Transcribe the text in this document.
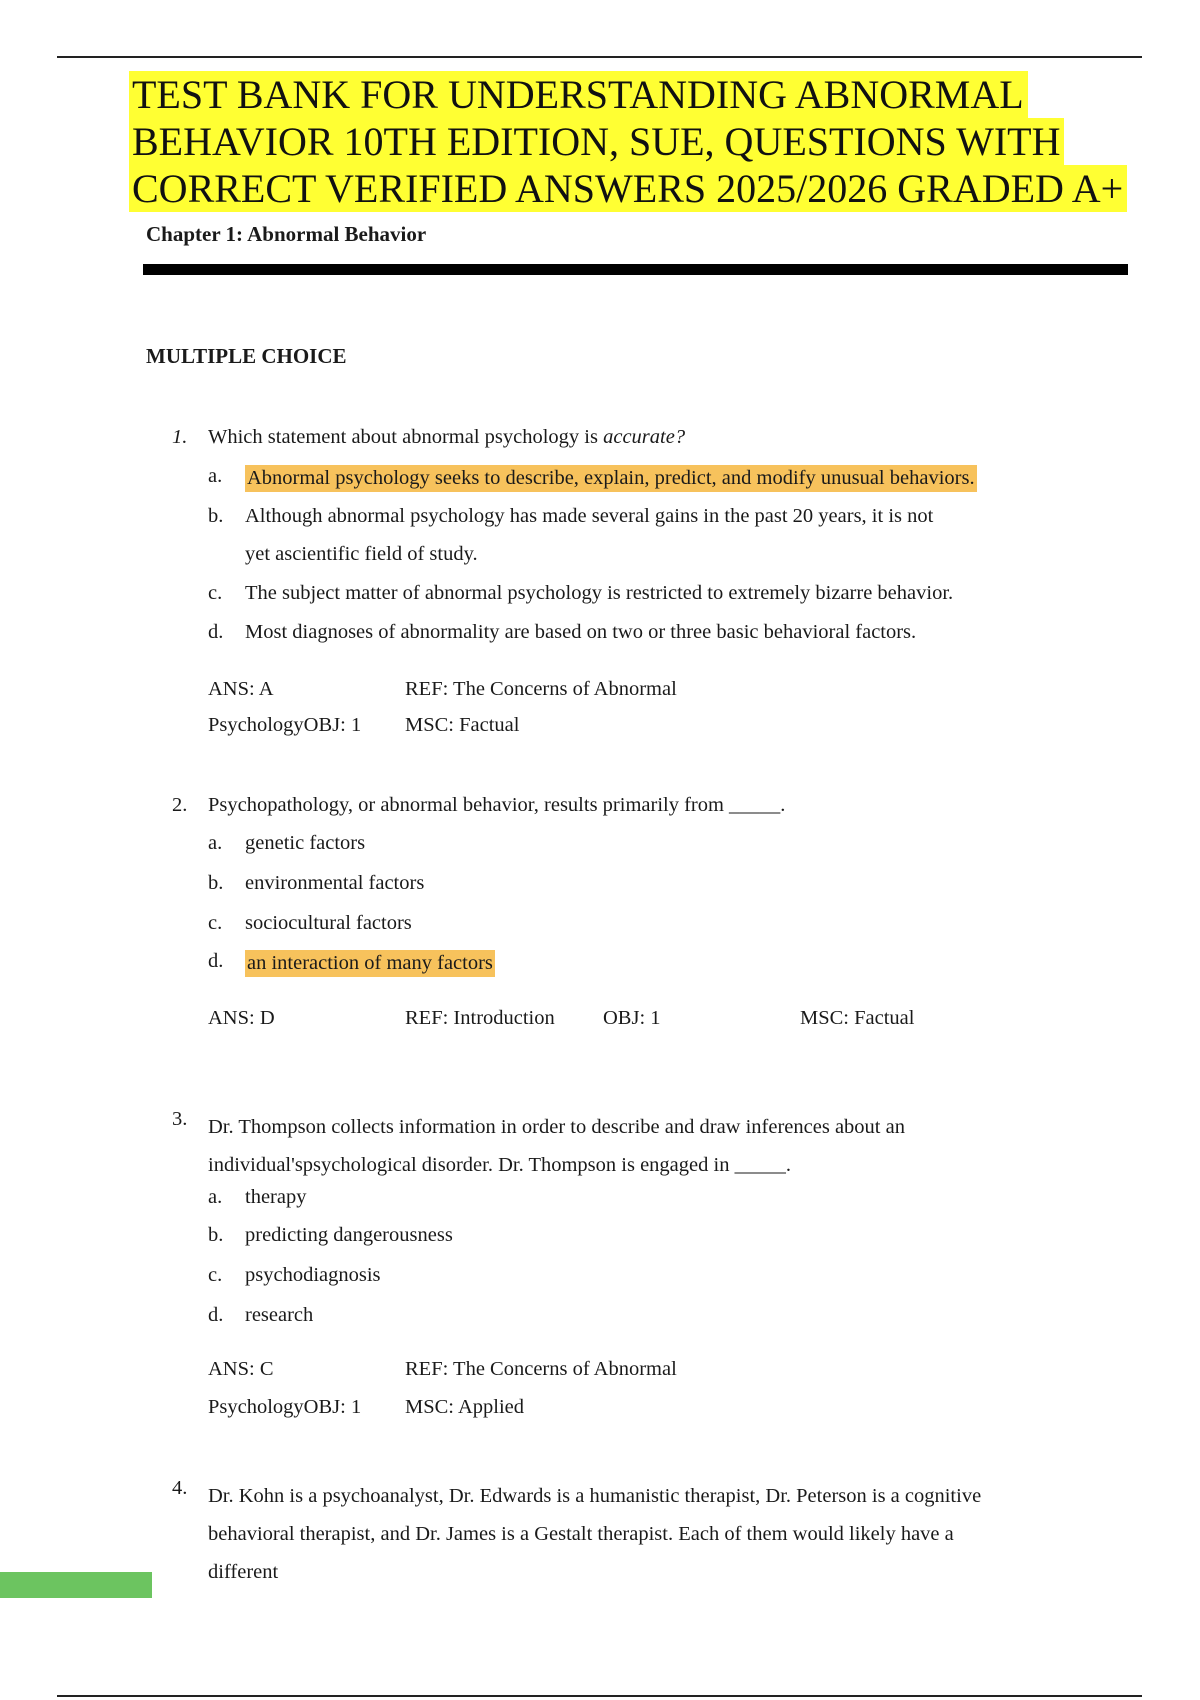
TEST BANK FOR UNDERSTANDING ABNORMAL
BEHAVIOR 10TH EDITION, SUE, QUESTIONS WITH
CORRECT VERIFIED ANSWERS 2025/2026 GRADED A+
Chapter 1: Abnormal Behavior
MULTIPLE CHOICE
1. Which statement about abnormal psychology is accurate?
a. Abnormal psychology seeks to describe, explain, predict, and modify unusual behaviors.
b. Although abnormal psychology has made several gains in the past 20 years, it is not
yet ascientific field of study.
c. The subject matter of abnormal psychology is restricted to extremely bizarre behavior.
d. Most diagnoses of abnormality are based on two or three basic behavioral factors.
ANS: A	REF: The Concerns of Abnormal
PsychologyOBJ: 1 MSC: Factual
2. Psychopathology, or abnormal behavior, results primarily from _____.
a. genetic factors
b. environmental factors
c. sociocultural factors
d. an interaction of many factors
ANS: D	REF: Introduction OBJ: 1	MSC: Factual
3. Dr. Thompson collects information in order to describe and draw inferences about an
individual'spsychological disorder. Dr. Thompson is engaged in _____.
a. therapy
b. predicting dangerousness
c. psychodiagnosis
d. research
ANS: C	REF: The Concerns of Abnormal
PsychologyOBJ: 1 MSC: Applied
4. Dr. Kohn is a psychoanalyst, Dr. Edwards is a humanistic therapist, Dr. Peterson is a cognitive
behavioral therapist, and Dr. James is a Gestalt therapist. Each of them would likely have a
different
